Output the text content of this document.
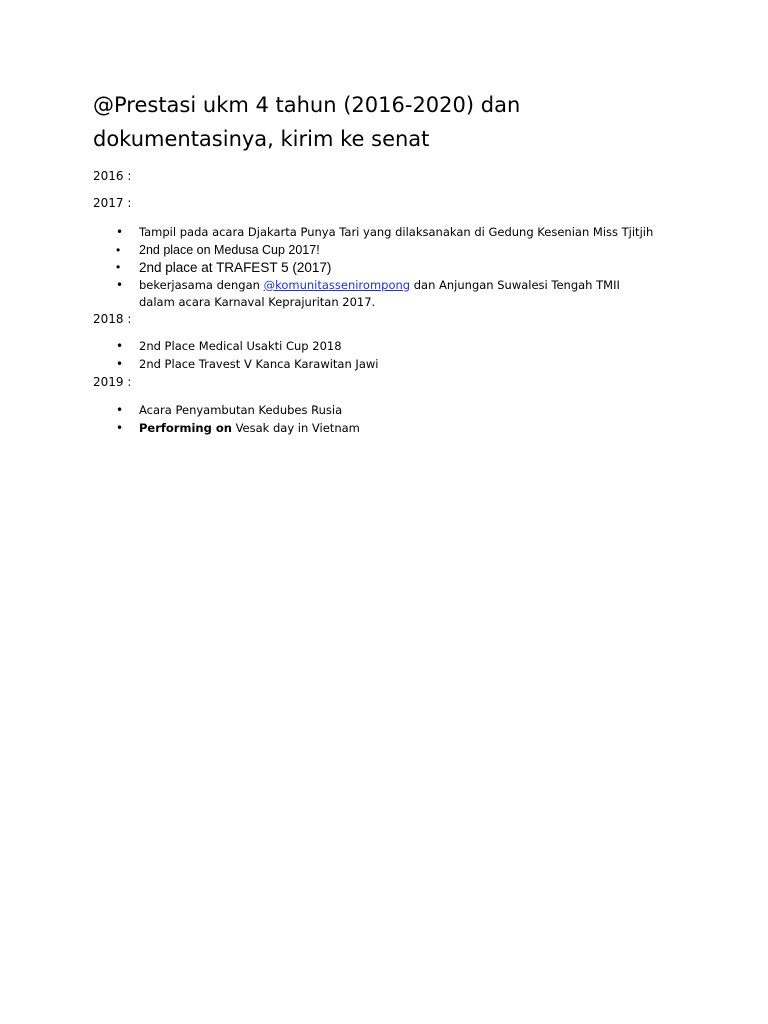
@Prestasi ukm 4 tahun (2016-2020) dan
dokumentasinya, kirim ke senat
2016 :
2017 :
• Tampil pada acara Djakarta Punya Tari yang dilaksanakan di Gedung Kesenian Miss Tjitjih
• 2nd place on Medusa Cup 2017!
• 2nd place at TRAFEST 5 (2017)
• bekerjasama dengan @komunitassenirompong dan Anjungan Suwalesi Tengah TMII
dalam acara Karnaval Keprajuritan 2017.
2018 :
• 2nd Place Medical Usakti Cup 2018
• 2nd Place Travest V Kanca Karawitan Jawi
2019 :
• Acara Penyambutan Kedubes Rusia
• Performing on Vesak day in Vietnam
